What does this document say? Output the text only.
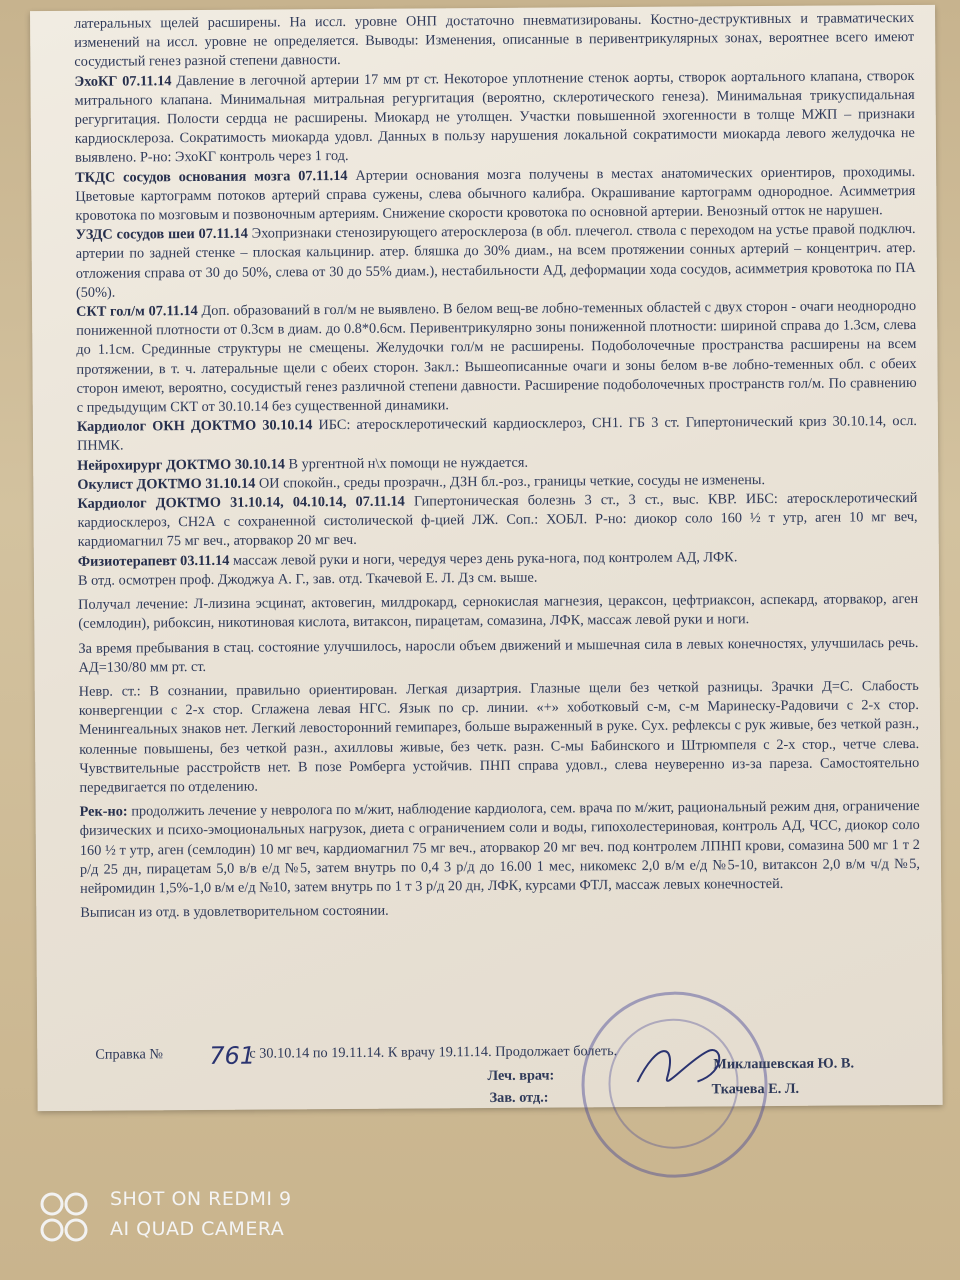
латеральных щелей расширены. На иссл. уровне ОНП достаточно пневматизированы. Костно-деструктивных и травматических изменений на иссл. уровне не определяется. Выводы: Изменения, описанные в перивентрикулярных зонах, вероятнее всего имеют сосудистый генез разной степени давности.

ЭхоКГ 07.11.14 Давление в легочной артерии 17 мм рт ст. Некоторое уплотнение стенок аорты, створок аортального клапана, створок митрального клапана. Минимальная митральная регургитация (вероятно, склеротического генеза). Минимальная трикуспидальная регургитация. Полости сердца не расширены. Миокард не утолщен. Участки повышенной эхогенности в толще МЖП – признаки кардиосклероза. Сократимость миокарда удовл. Данных в пользу нарушения локальной сократимости миокарда левого желудочка не выявлено. Р-но: ЭхоКГ контроль через 1 год.

ТКДС сосудов основания мозга 07.11.14 Артерии основания мозга получены в местах анатомических ориентиров, проходимы. Цветовые картограмм потоков артерий справа сужены, слева обычного калибра. Окрашивание картограмм однородное. Асимметрия кровотока по мозговым и позвоночным артериям. Снижение скорости кровотока по основной артерии. Венозный отток не нарушен.

УЗДС сосудов шеи 07.11.14 Эхопризнаки стенозирующего атеросклероза (в обл. плечегол. ствола с переходом на устье правой подключ. артерии по задней стенке – плоская кальцинир. атер. бляшка до 30% диам., на всем протяжении сонных артерий – концентрич. атер. отложения справа от 30 до 50%, слева от 30 до 55% диам.), нестабильности АД, деформации хода сосудов, асимметрия кровотока по ПА (50%).

СКТ гол/м 07.11.14 Доп. образований в гол/м не выявлено. В белом вещ-ве лобно-теменных областей с двух сторон - очаги неоднородно пониженной плотности от 0.3см в диам. до 0.8*0.6см. Перивентрикулярно зоны пониженной плотности: шириной справа до 1.3см, слева до 1.1см. Срединные структуры не смещены. Желудочки гол/м не расширены. Подоболочечные пространства расширены на всем протяжении, в т. ч. латеральные щели с обеих сторон. Закл.: Вышеописанные очаги и зоны белом в-ве лобно-теменных обл. с обеих сторон имеют, вероятно, сосудистый генез различной степени давности. Расширение подоболочечных пространств гол/м. По сравнению с предыдущим СКТ от 30.10.14 без существенной динамики.

Кардиолог ОКН ДОКТМО 30.10.14 ИБС: атеросклеротический кардиосклероз, СН1. ГБ 3 ст. Гипертонический криз 30.10.14, осл. ПНМК.

Нейрохирург ДОКТМО 30.10.14 В ургентной н\х помощи не нуждается.

Окулист ДОКТМО 31.10.14 ОИ спокойн., среды прозрачн., ДЗН бл.-роз., границы четкие, сосуды не изменены.

Кардиолог ДОКТМО 31.10.14, 04.10.14, 07.11.14 Гипертоническая болезнь 3 ст., 3 ст., выс. КВР. ИБС: атеросклеротический кардиосклероз, СН2А с сохраненной систолической ф-цией ЛЖ. Соп.: ХОБЛ. Р-но: диокор соло 160 ½ т утр, аген 10 мг веч, кардиомагнил 75 мг веч., аторвакор 20 мг веч.

Физиотерапевт 03.11.14 массаж левой руки и ноги, чередуя через день рука-нога, под контролем АД, ЛФК.

В отд. осмотрен проф. Джоджуа А. Г., зав. отд. Ткачевой Е. Л. Дз см. выше.

Получал лечение: Л-лизина эсцинат, актовегин, милдрокард, сернокислая магнезия, цераксон, цефтриаксон, аспекард, аторвакор, аген (семлодин), рибоксин, никотиновая кислота, витаксон, пирацетам, сомазина, ЛФК, массаж левой руки и ноги.

За время пребывания в стац. состояние улучшилось, наросли объем движений и мышечная сила в левых конечностях, улучшилась речь. АД=130/80 мм рт. ст.

Невр. ст.: В сознании, правильно ориентирован. Легкая дизартрия. Глазные щели без четкой разницы. Зрачки Д=С. Слабость конвергенции с 2-х стор. Сглажена левая НГС. Язык по ср. линии. «+» хоботковый с-м, с-м Маринеску-Радовичи с 2-х стор. Менингеальных знаков нет. Легкий левосторонний гемипарез, больше выраженный в руке. Сух. рефлексы с рук живые, без четкой разн., коленные повышены, без четкой разн., ахилловы живые, без четк. разн. С-мы Бабинского и Штрюмпеля с 2-х стор., четче слева. Чувствительные расстройств нет. В позе Ромберга устойчив. ПНП справа удовл., слева неуверенно из-за пареза. Самостоятельно передвигается по отделению.

Рек-но: продолжить лечение у невролога по м/жит, наблюдение кардиолога, сем. врача по м/жит, рациональный режим дня, ограничение физических и психо-эмоциональных нагрузок, диета с ограничением соли и воды, гипохолестериновая, контроль АД, ЧСС, диокор соло 160 ½ т утр, аген (семлодин) 10 мг веч, кардиомагнил 75 мг веч., аторвакор 20 мг веч. под контролем ЛПНП крови, сомазина 500 мг 1 т 2 р/д 25 дн, пирацетам 5,0 в/в е/д №5, затем внутрь по 0,4 3 р/д до 16.00 1 мес, никомекс 2,0 в/м е/д №5-10, витаксон 2,0 в/м ч/д №5, нейромидин 1,5%-1,0 в/м е/д №10, затем внутрь по 1 т 3 р/д 20 дн, ЛФК, курсами ФТЛ, массаж левых конечностей.

Выписан из отд. в удовлетворительном состоянии.

Справка № 761
с 30.10.14 по 19.11.14. К врачу 19.11.14. Продолжает болеть.
Леч. врач:
Миклашевская Ю. В.
Зав. отд.:
Ткачева Е. Л.
SHOT ON REDMI 9
AI QUAD CAMERA
